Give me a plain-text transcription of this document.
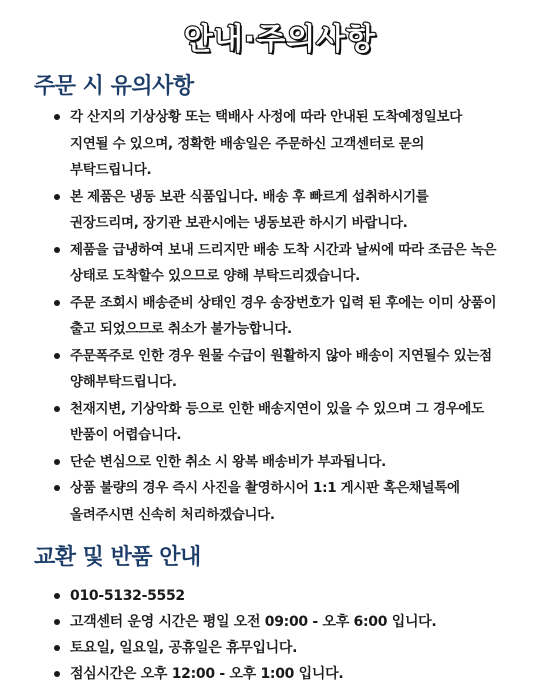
안내·주의사항
주문 시 유의사항
각 산지의 기상상황 또는 택배사 사정에 따라 안내된 도착예정일보다 지연될 수 있으며, 정확한 배송일은 주문하신 고객센터로 문의 부탁드립니다.
본 제품은 냉동 보관 식품입니다. 배송 후 빠르게 섭취하시기를 권장드리며, 장기관 보관시에는 냉동보관 하시기 바랍니다.
제품을 급냉하여 보내 드리지만 배송 도착 시간과 날씨에 따라 조금은 녹은 상태로 도착할수 있으므로 양해 부탁드리겠습니다.
주문 조회시 배송준비 상태인 경우 송장번호가 입력 된 후에는 이미 상품이 출고 되었으므로 취소가 불가능합니다.
주문폭주로 인한 경우 원물 수급이 원활하지 않아 배송이 지연될수 있는점 양해부탁드립니다.
천재지변, 기상악화 등으로 인한 배송지연이 있을 수 있으며 그 경우에도 반품이 어렵습니다.
단순 변심으로 인한 취소 시 왕복 배송비가 부과됩니다.
상품 불량의 경우 즉시 사진을 촬영하시어 1:1 게시판 혹은채널톡에 올려주시면 신속히 처리하겠습니다.
교환 및 반품 안내
010-5132-5552
고객센터 운영 시간은 평일 오전 09:00 - 오후 6:00 입니다.
토요일, 일요일, 공휴일은 휴무입니다.
점심시간은 오후 12:00 - 오후 1:00 입니다.
